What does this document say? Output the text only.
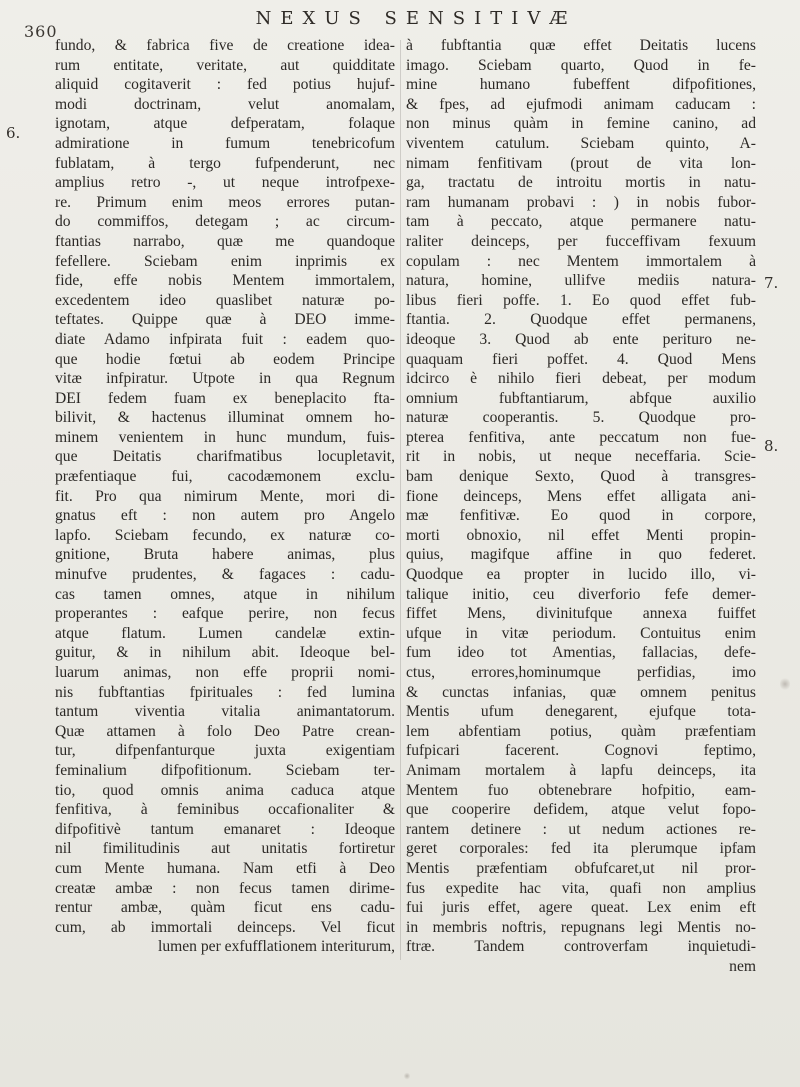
360
NEXUS SENSITIVÆ
6.
7.
8.
fundo, & fabrica five de creatione idea-
rum entitate, veritate, aut quidditate
aliquid cogitaverit : fed potius hujuf-
modi doctrinam, velut anomalam,
ignotam, atque defperatam, folaque
admiratione in fumum tenebricofum
fublatam, à tergo fufpenderunt, nec
amplius retro -, ut neque introfpexe-
re. Primum enim meos errores putan-
do commiffos, detegam ; ac circum-
ftantias narrabo, quæ me quandoque
fefellere. Sciebam enim inprimis ex
fide, effe nobis Mentem immortalem,
excedentem ideo quaslibet naturæ po-
teftates. Quippe quæ à DEO imme-
diate Adamo infpirata fuit : eadem quo-
que hodie fœtui ab eodem Principe
vitæ infpiratur. Utpote in qua Regnum
DEI fedem fuam ex beneplacito fta-
bilivit, & hactenus illuminat omnem ho-
minem venientem in hunc mundum, fuis-
que Deitatis charifmatibus locupletavit,
præfentiaque fui, cacodæmonem exclu-
fit. Pro qua nimirum Mente, mori di-
gnatus eft : non autem pro Angelo
lapfo. Sciebam fecundo, ex naturæ co-
gnitione, Bruta habere animas, plus
minufve prudentes, & fagaces : cadu-
cas tamen omnes, atque in nihilum
properantes : eafque perire, non fecus
atque flatum. Lumen candelæ extin-
guitur, & in nihilum abit. Ideoque bel-
luarum animas, non effe proprii nomi-
nis fubftantias fpirituales : fed lumina
tantum viventia vitalia animantatorum.
Quæ attamen à folo Deo Patre crean-
tur, difpenfanturque juxta exigentiam
feminalium difpofitionum. Sciebam ter-
tio, quod omnis anima caduca atque
fenfitiva, à feminibus occafionaliter &
difpofitivè tantum emanaret : Ideoque
nil fimilitudinis aut unitatis fortiretur
cum Mente humana. Nam etfi à Deo
creatæ ambæ : non fecus tamen dirime-
rentur ambæ, quàm ficut ens cadu-
cum, ab immortali deinceps. Vel ficut
lumen per exfufflationem interiturum,
à fubftantia quæ effet Deitatis lucens
imago. Sciebam quarto, Quod in fe-
mine humano fubeffent difpofitiones,
& fpes, ad ejufmodi animam caducam :
non minus quàm in femine canino, ad
viventem catulum. Sciebam quinto, A-
nimam fenfitivam (prout de vita lon-
ga, tractatu de introitu mortis in natu-
ram humanam probavi : ) in nobis fubor-
tam à peccato, atque permanere natu-
raliter deinceps, per fucceffivam fexuum
copulam : nec Mentem immortalem à
natura, homine, ullifve mediis natura-
libus fieri poffe. 1. Eo quod effet fub-
ftantia. 2. Quodque effet permanens,
ideoque 3. Quod ab ente perituro ne-
quaquam fieri poffet. 4. Quod Mens
idcirco è nihilo fieri debeat, per modum
omnium fubftantiarum, abfque auxilio
naturæ cooperantis. 5. Quodque pro-
pterea fenfitiva, ante peccatum non fue-
rit in nobis, ut neque neceffaria. Scie-
bam denique Sexto, Quod à transgres-
fione deinceps, Mens effet alligata ani-
mæ fenfitivæ. Eo quod in corpore,
morti obnoxio, nil effet Menti propin-
quius, magifque affine in quo federet.
Quodque ea propter in lucido illo, vi-
talique initio, ceu diverforio fefe demer-
fiffet Mens, divinitufque annexa fuiffet
ufque in vitæ periodum. Contuitus enim
fum ideo tot Amentias, fallacias, defe-
ctus, errores,hominumque perfidias, imo
& cunctas infanias, quæ omnem penitus
Mentis ufum denegarent, ejufque tota-
lem abfentiam potius, quàm præfentiam
fufpicari facerent. Cognovi feptimo,
Animam mortalem à lapfu deinceps, ita
Mentem fuo obtenebrare hofpitio, eam-
que cooperire defidem, atque velut fopo-
rantem detinere : ut nedum actiones re-
geret corporales: fed ita plerumque ipfam
Mentis præfentiam obfufcaret,ut nil pror-
fus expedite hac vita, quafi non amplius
fui juris effet, agere queat. Lex enim eft
in membris noftris, repugnans legi Mentis no-
ftræ. Tandem controverfam inquietudi-
nem
